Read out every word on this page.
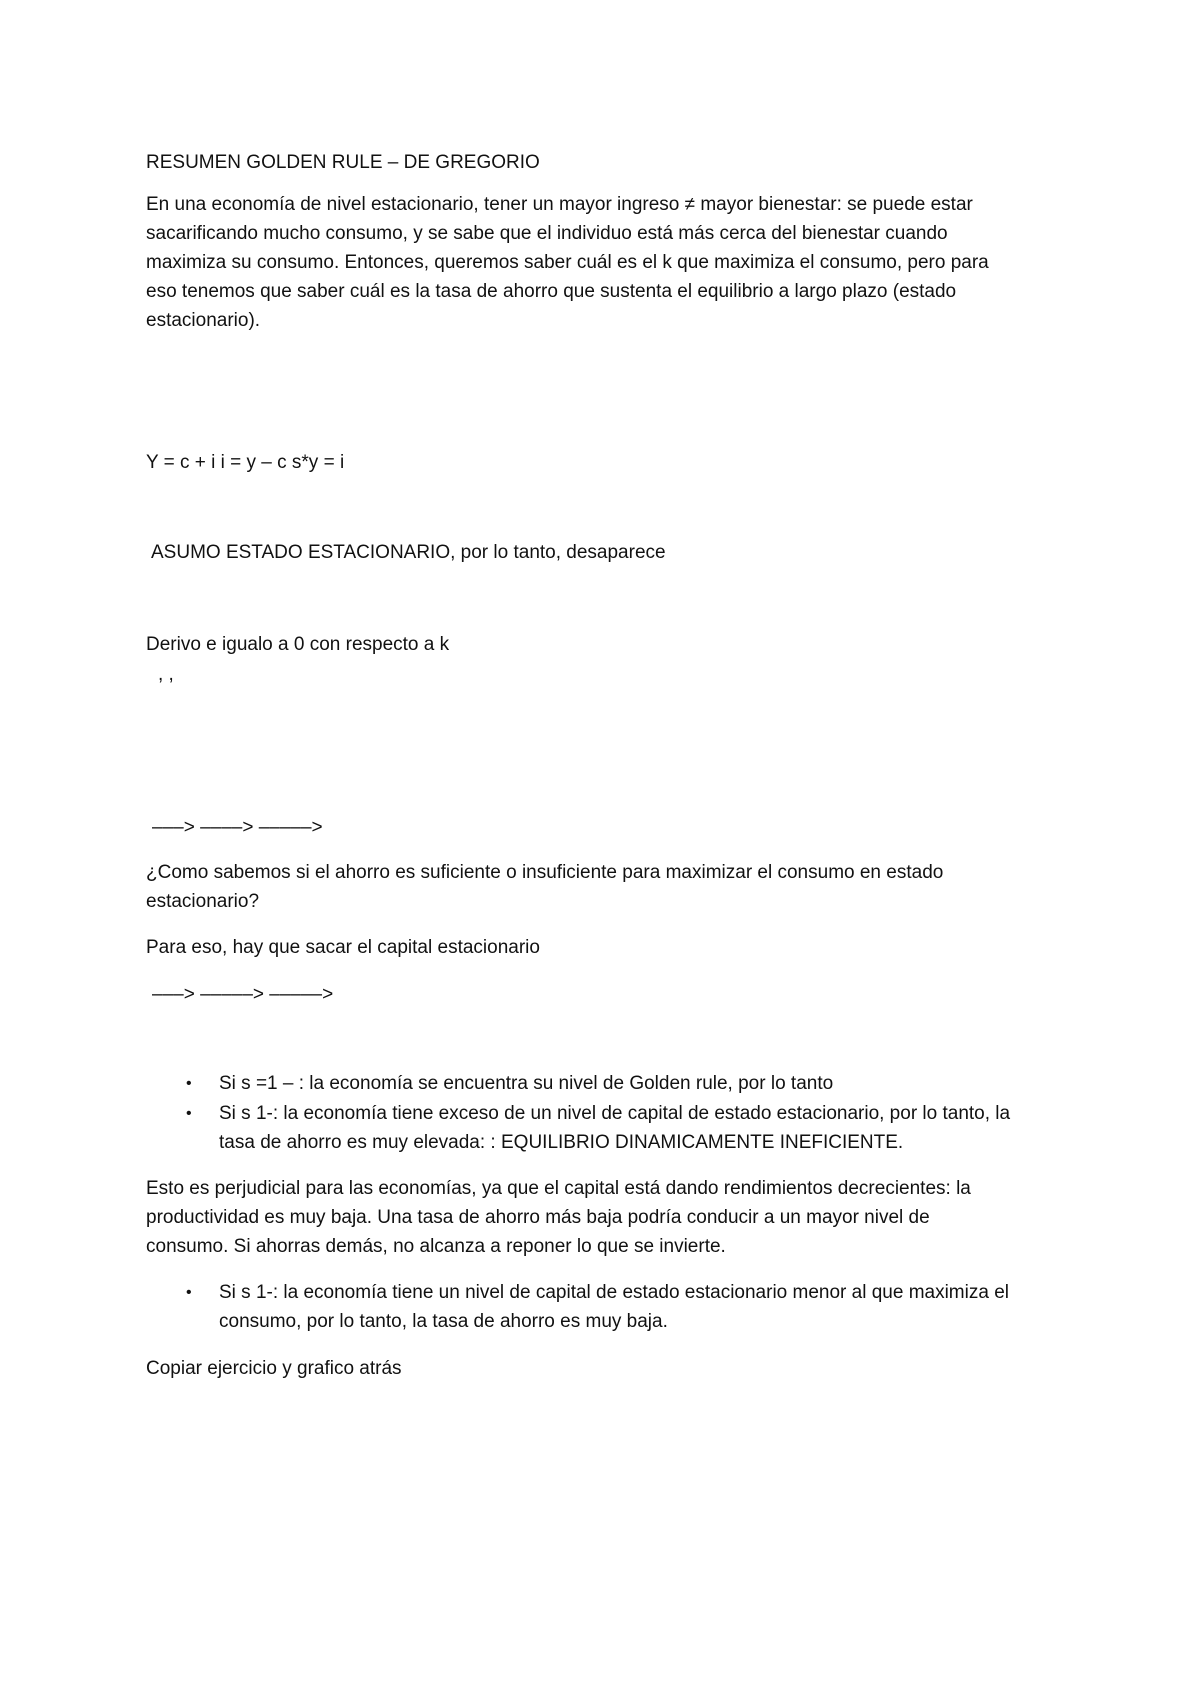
RESUMEN GOLDEN RULE – DE GREGORIO

En una economía de nivel estacionario, tener un mayor ingreso ≠ mayor bienestar: se puede estar
sacarificando mucho consumo, y se sabe que el individuo está más cerca del bienestar cuando
maximiza su consumo. Entonces, queremos saber cuál es el k que maximiza el consumo, pero para
eso tenemos que saber cuál es la tasa de ahorro que sustenta el equilibrio a largo plazo (estado
estacionario).

Y = c + i i = y – c s*y = i

ASUMO ESTADO ESTACIONARIO, por lo tanto, desaparece

Derivo e igualo a 0 con respecto a k

, ,

–––> ––––> –––––>

¿Como sabemos si el ahorro es suficiente o insuficiente para maximizar el consumo en estado
estacionario?

Para eso, hay que sacar el capital estacionario

–––> –––––> –––––>

• Si s =1 – : la economía se encuentra su nivel de Golden rule, por lo tanto
• Si s 1-: la economía tiene exceso de un nivel de capital de estado estacionario, por lo tanto, la
tasa de ahorro es muy elevada: : EQUILIBRIO DINAMICAMENTE INEFICIENTE.
Esto es perjudicial para las economías, ya que el capital está dando rendimientos decrecientes: la
productividad es muy baja. Una tasa de ahorro más baja podría conducir a un mayor nivel de
consumo. Si ahorras demás, no alcanza a reponer lo que se invierte.
• Si s 1-: la economía tiene un nivel de capital de estado estacionario menor al que maximiza el
consumo, por lo tanto, la tasa de ahorro es muy baja.

Copiar ejercicio y grafico atrás
